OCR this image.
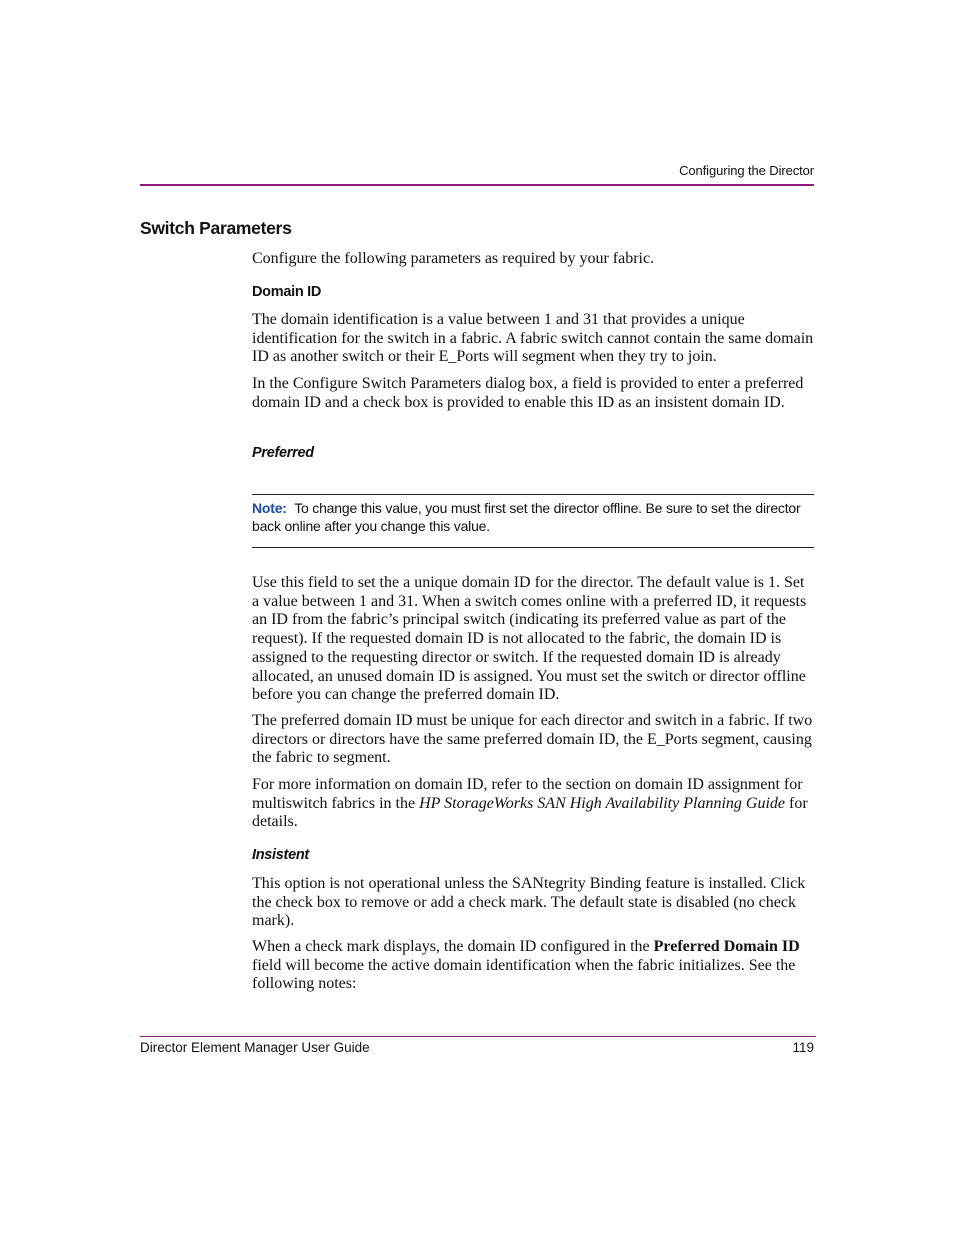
Configuring the Director
Switch Parameters

Configure the following parameters as required by your fabric.

Domain ID

The domain identification is a value between 1 and 31 that provides a unique identification for the switch in a fabric. A fabric switch cannot contain the same domain ID as another switch or their E_Ports will segment when they try to join.

In the Configure Switch Parameters dialog box, a field is provided to enter a preferred domain ID and a check box is provided to enable this ID as an insistent domain ID.

Preferred
Note: To change this value, you must first set the director offline. Be sure to set the director back online after you change this value.

Use this field to set the a unique domain ID for the director. The default value is 1. Set a value between 1 and 31. When a switch comes online with a preferred ID, it requests an ID from the fabric’s principal switch (indicating its preferred value as part of the request). If the requested domain ID is not allocated to the fabric, the domain ID is assigned to the requesting director or switch. If the requested domain ID is already allocated, an unused domain ID is assigned. You must set the switch or director offline before you can change the preferred domain ID.

The preferred domain ID must be unique for each director and switch in a fabric. If two directors or directors have the same preferred domain ID, the E_Ports segment, causing the fabric to segment.

For more information on domain ID, refer to the section on domain ID assignment for multiswitch fabrics in the HP StorageWorks SAN High Availability Planning Guide for details.

Insistent

This option is not operational unless the SANtegrity Binding feature is installed. Click the check box to remove or add a check mark. The default state is disabled (no check mark).

When a check mark displays, the domain ID configured in the Preferred Domain ID field will become the active domain identification when the fabric initializes. See the following notes:

Director Element Manager User Guide	119
